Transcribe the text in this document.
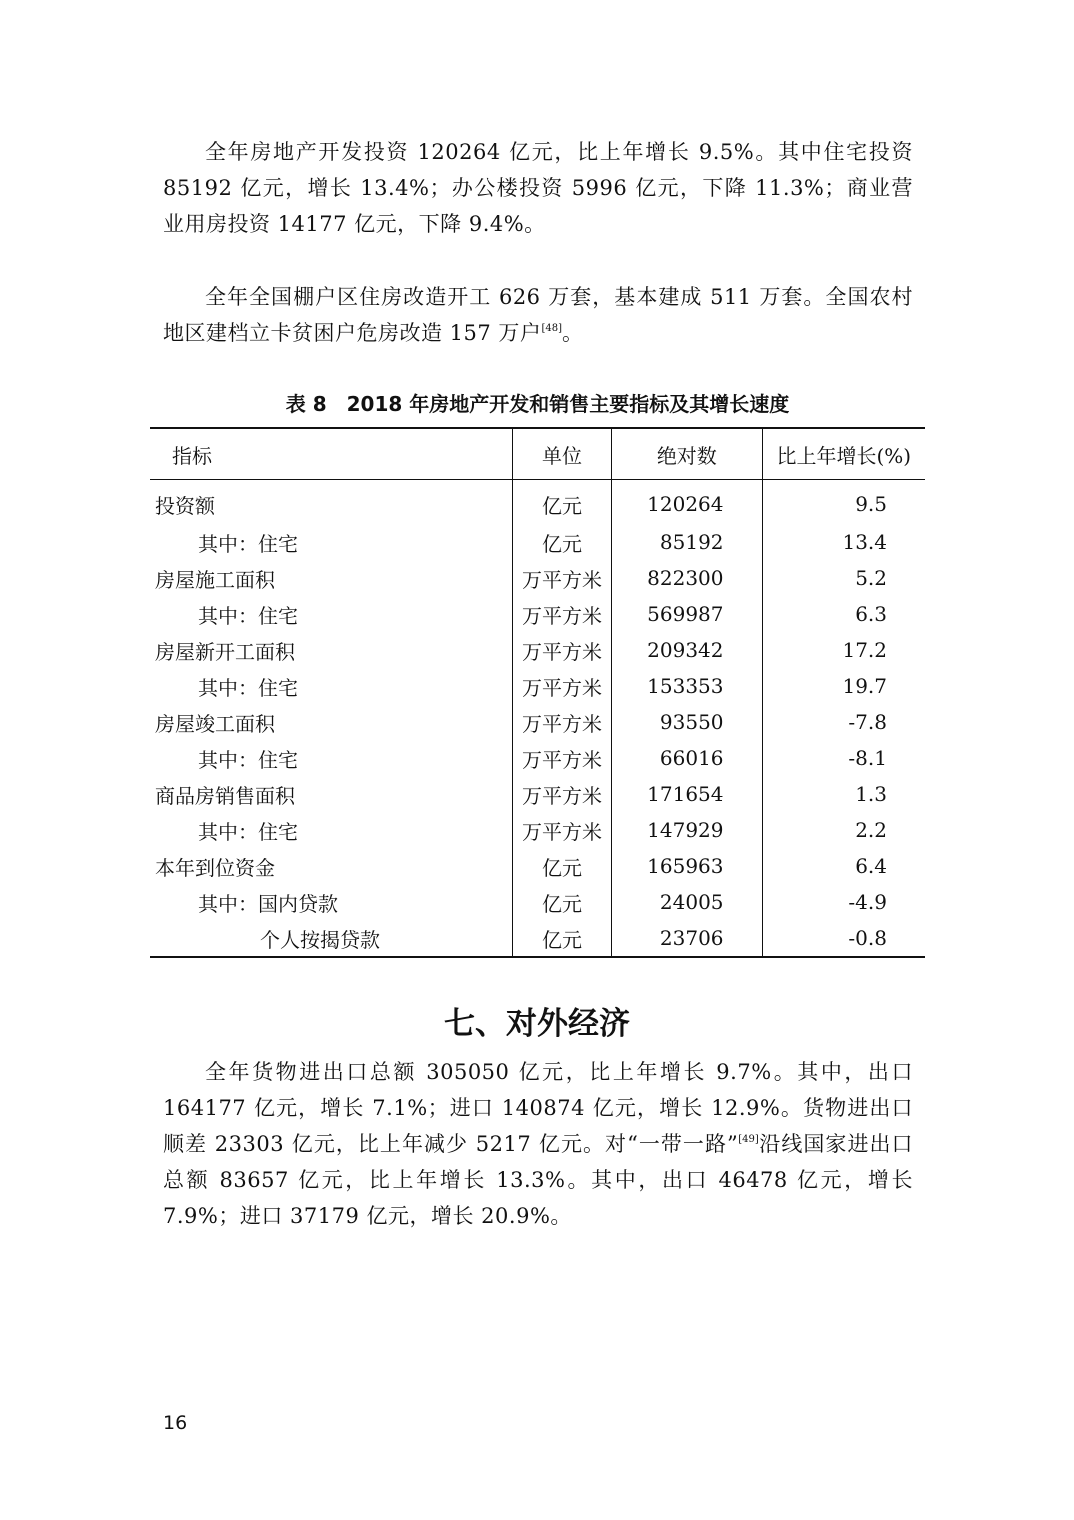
全年房地产开发投资 120264 亿元，比上年增长 9.5%。其中住宅投资 85192 亿元，增长 13.4%；办公楼投资 5996 亿元，下降 11.3%；商业营业用房投资 14177 亿元，下降 9.4%。

全年全国棚户区住房改造开工 626 万套，基本建成 511 万套。全国农村地区建档立卡贫困户危房改造 157 万户[48]。

表 8　2018 年房地产开发和销售主要指标及其增长速度

指标	单位	绝对数	比上年增长(%)
投资额	亿元	120264	9.5
其中：住宅	亿元	85192	13.4
房屋施工面积	万平方米	822300	5.2
其中：住宅	万平方米	569987	6.3
房屋新开工面积	万平方米	209342	17.2
其中：住宅	万平方米	153353	19.7
房屋竣工面积	万平方米	93550	-7.8
其中：住宅	万平方米	66016	-8.1
商品房销售面积	万平方米	171654	1.3
其中：住宅	万平方米	147929	2.2
本年到位资金	亿元	165963	6.4
其中：国内贷款	亿元	24005	-4.9
个人按揭贷款	亿元	23706	-0.8
七、对外经济

全年货物进出口总额 305050 亿元，比上年增长 9.7%。其中，出口 164177 亿元，增长 7.1%；进口 140874 亿元，增长 12.9%。货物进出口顺差 23303 亿元，比上年减少 5217 亿元。对“一带一路”[49]沿线国家进出口总额 83657 亿元，比上年增长 13.3%。其中，出口 46478 亿元，增长 7.9%；进口 37179 亿元，增长 20.9%。

16
